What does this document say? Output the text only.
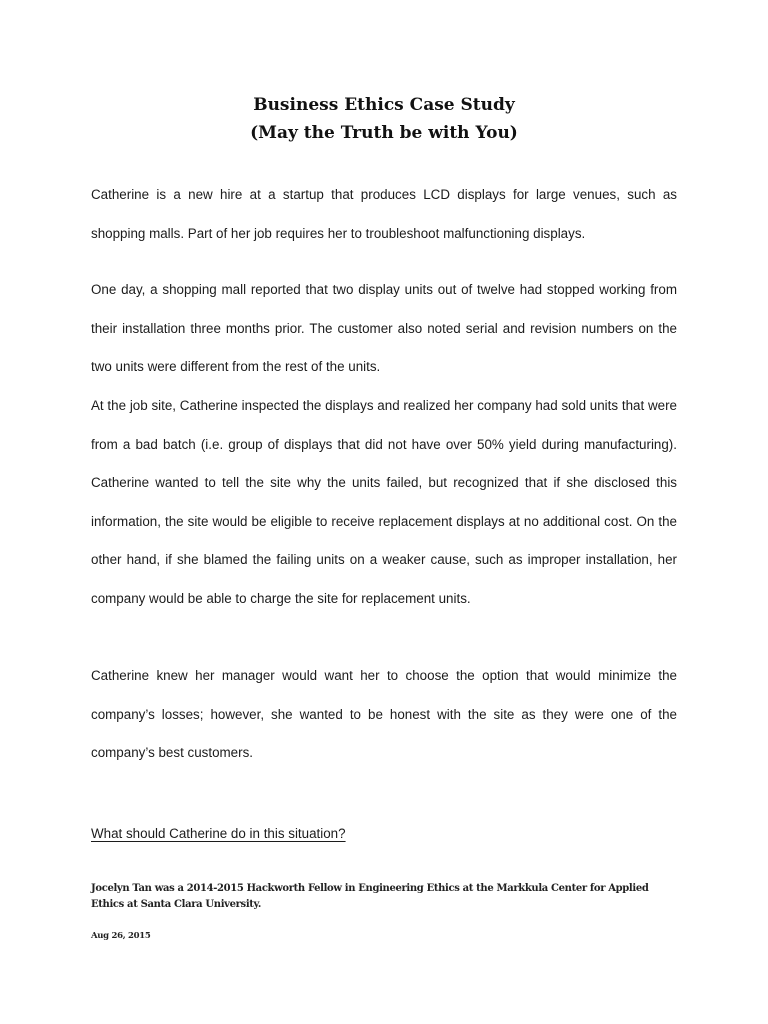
Business Ethics Case Study
(May the Truth be with You)

Catherine is a new hire at a startup that produces LCD displays for large venues, such as shopping malls. Part of her job requires her to troubleshoot malfunctioning displays.

One day, a shopping mall reported that two display units out of twelve had stopped working from their installation three months prior. The customer also noted serial and revision numbers on the two units were different from the rest of the units.

At the job site, Catherine inspected the displays and realized her company had sold units that were from a bad batch (i.e. group of displays that did not have over 50% yield during manufacturing). Catherine wanted to tell the site why the units failed, but recognized that if she disclosed this information, the site would be eligible to receive replacement displays at no additional cost. On the other hand, if she blamed the failing units on a weaker cause, such as improper installation, her company would be able to charge the site for replacement units.

Catherine knew her manager would want her to choose the option that would minimize the company’s losses; however, she wanted to be honest with the site as they were one of the company’s best customers.

What should Catherine do in this situation?
Jocelyn Tan was a 2014-2015 Hackworth Fellow in Engineering Ethics at the Markkula Center for Applied Ethics at Santa Clara University.
Aug 26, 2015
